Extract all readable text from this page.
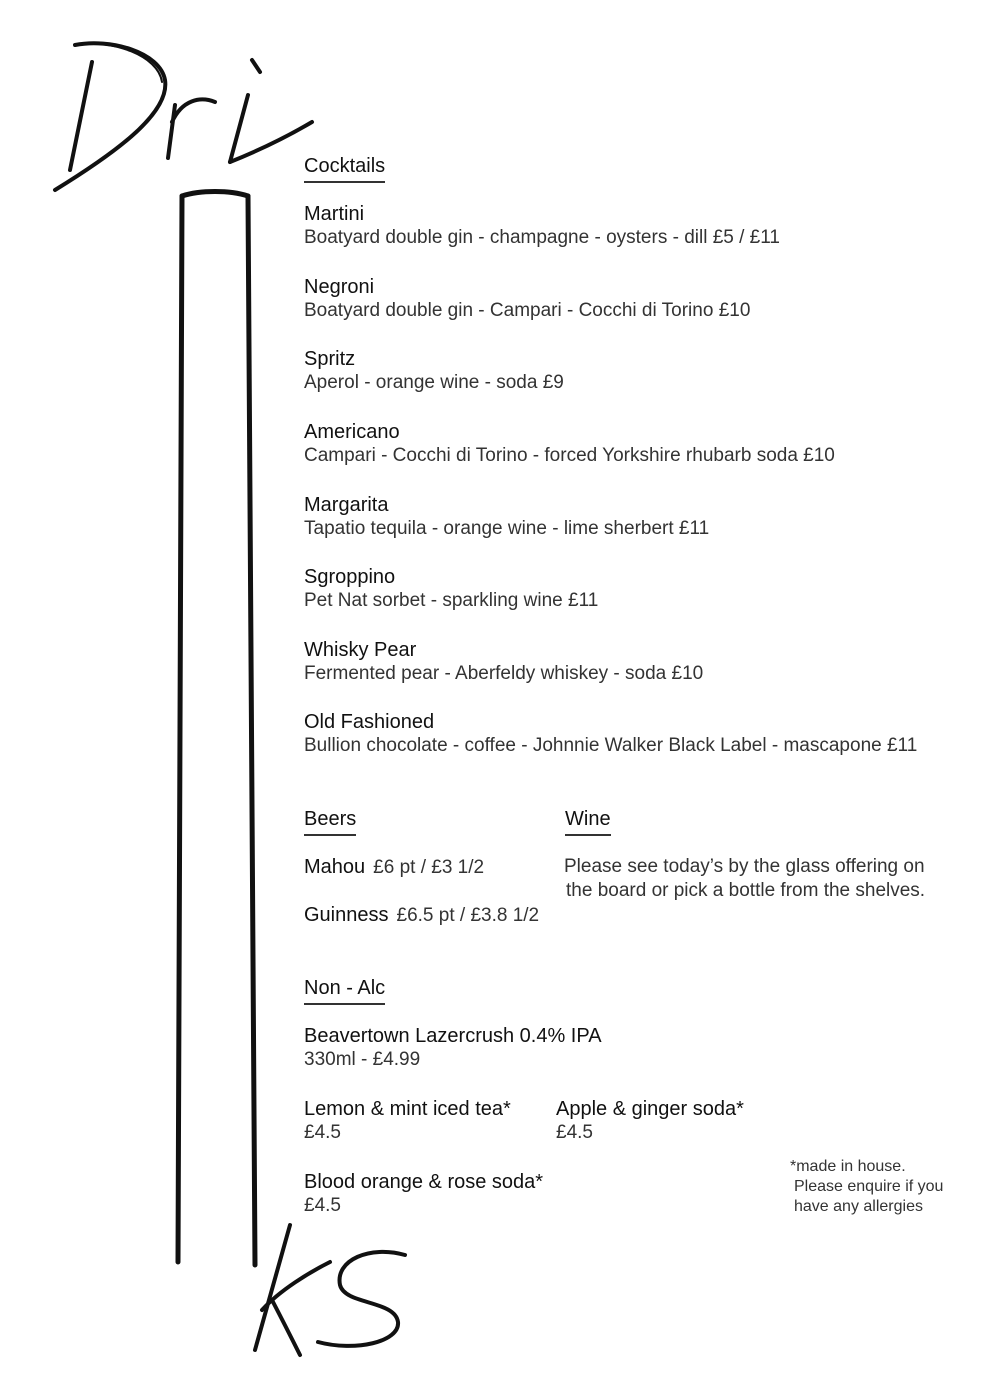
Cocktails
Martini
Boatyard double gin - champagne - oysters - dill £5 / £11
Negroni
Boatyard double gin - Campari - Cocchi di Torino £10
Spritz
Aperol - orange wine - soda £9
Americano
Campari - Cocchi di Torino - forced Yorkshire rhubarb soda £10
Margarita
Tapatio tequila - orange wine - lime sherbert £11
Sgroppino
Pet Nat sorbet - sparkling wine £11
Whisky Pear
Fermented pear - Aberfeldy whiskey - soda £10
Old Fashioned
Bullion chocolate - coffee - Johnnie Walker Black Label - mascapone £11
Beers
Mahou £6 pt / £3 1/2
Guinness £6.5 pt / £3.8 1/2
Wine
Please see today’s by the glass offering on
the board or pick a bottle from the shelves.
Non - Alc
Beavertown Lazercrush 0.4% IPA
330ml - £4.99
Lemon & mint iced tea*
£4.5
Apple & ginger soda*
£4.5
Blood orange & rose soda*
£4.5
*made in house.
Please enquire if you
have any allergies
